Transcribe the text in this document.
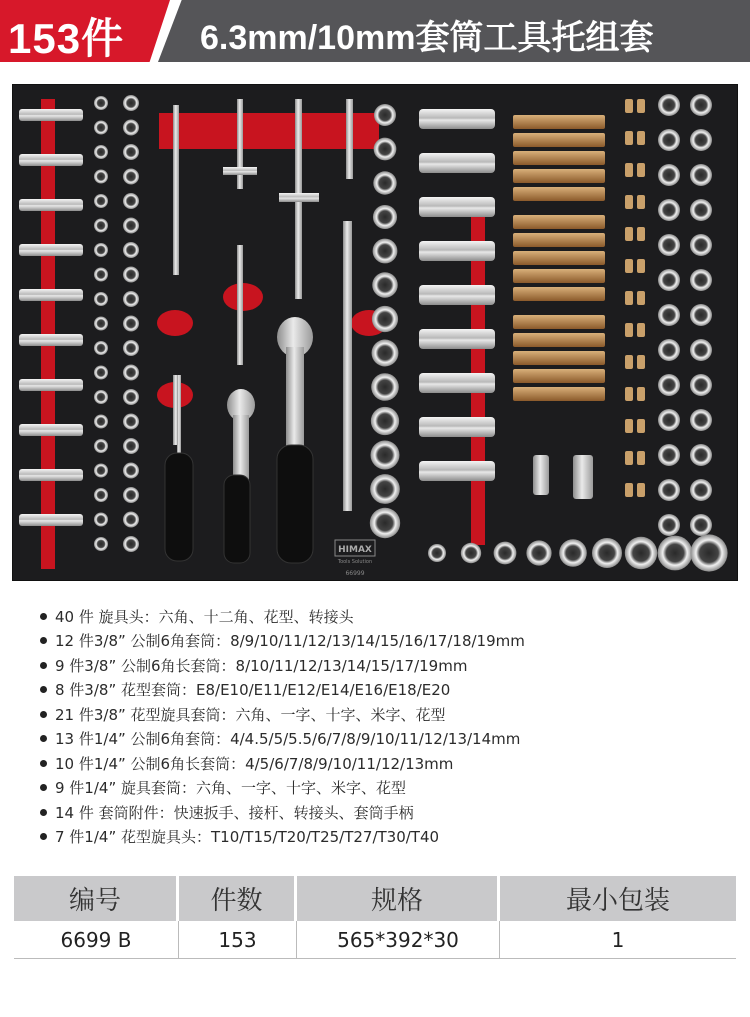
153件 6.3mm/10mm套筒工具托组套
HIMAX
Tools Solution
66999
40 件 旋具头：六角、十二角、花型、转接头
12 件3/8” 公制6角套筒：8/9/10/11/12/13/14/15/16/17/18/19mm
9 件3/8” 公制6角长套筒：8/10/11/12/13/14/15/17/19mm
8 件3/8” 花型套筒：E8/E10/E11/E12/E14/E16/E18/E20
21 件3/8” 花型旋具套筒：六角、一字、十字、米字、花型
13 件1/4” 公制6角套筒：4/4.5/5/5.5/6/7/8/9/10/11/12/13/14mm
10 件1/4” 公制6角长套筒：4/5/6/7/8/9/10/11/12/13mm
9 件1/4” 旋具套筒：六角、一字、十字、米字、花型
14 件 套筒附件：快速扳手、接杆、转接头、套筒手柄
7 件1/4” 花型旋具头：T10/T15/T20/T25/T27/T30/T40
编号	件数	规格	最小包装
6699 B	153	565*392*30	1
